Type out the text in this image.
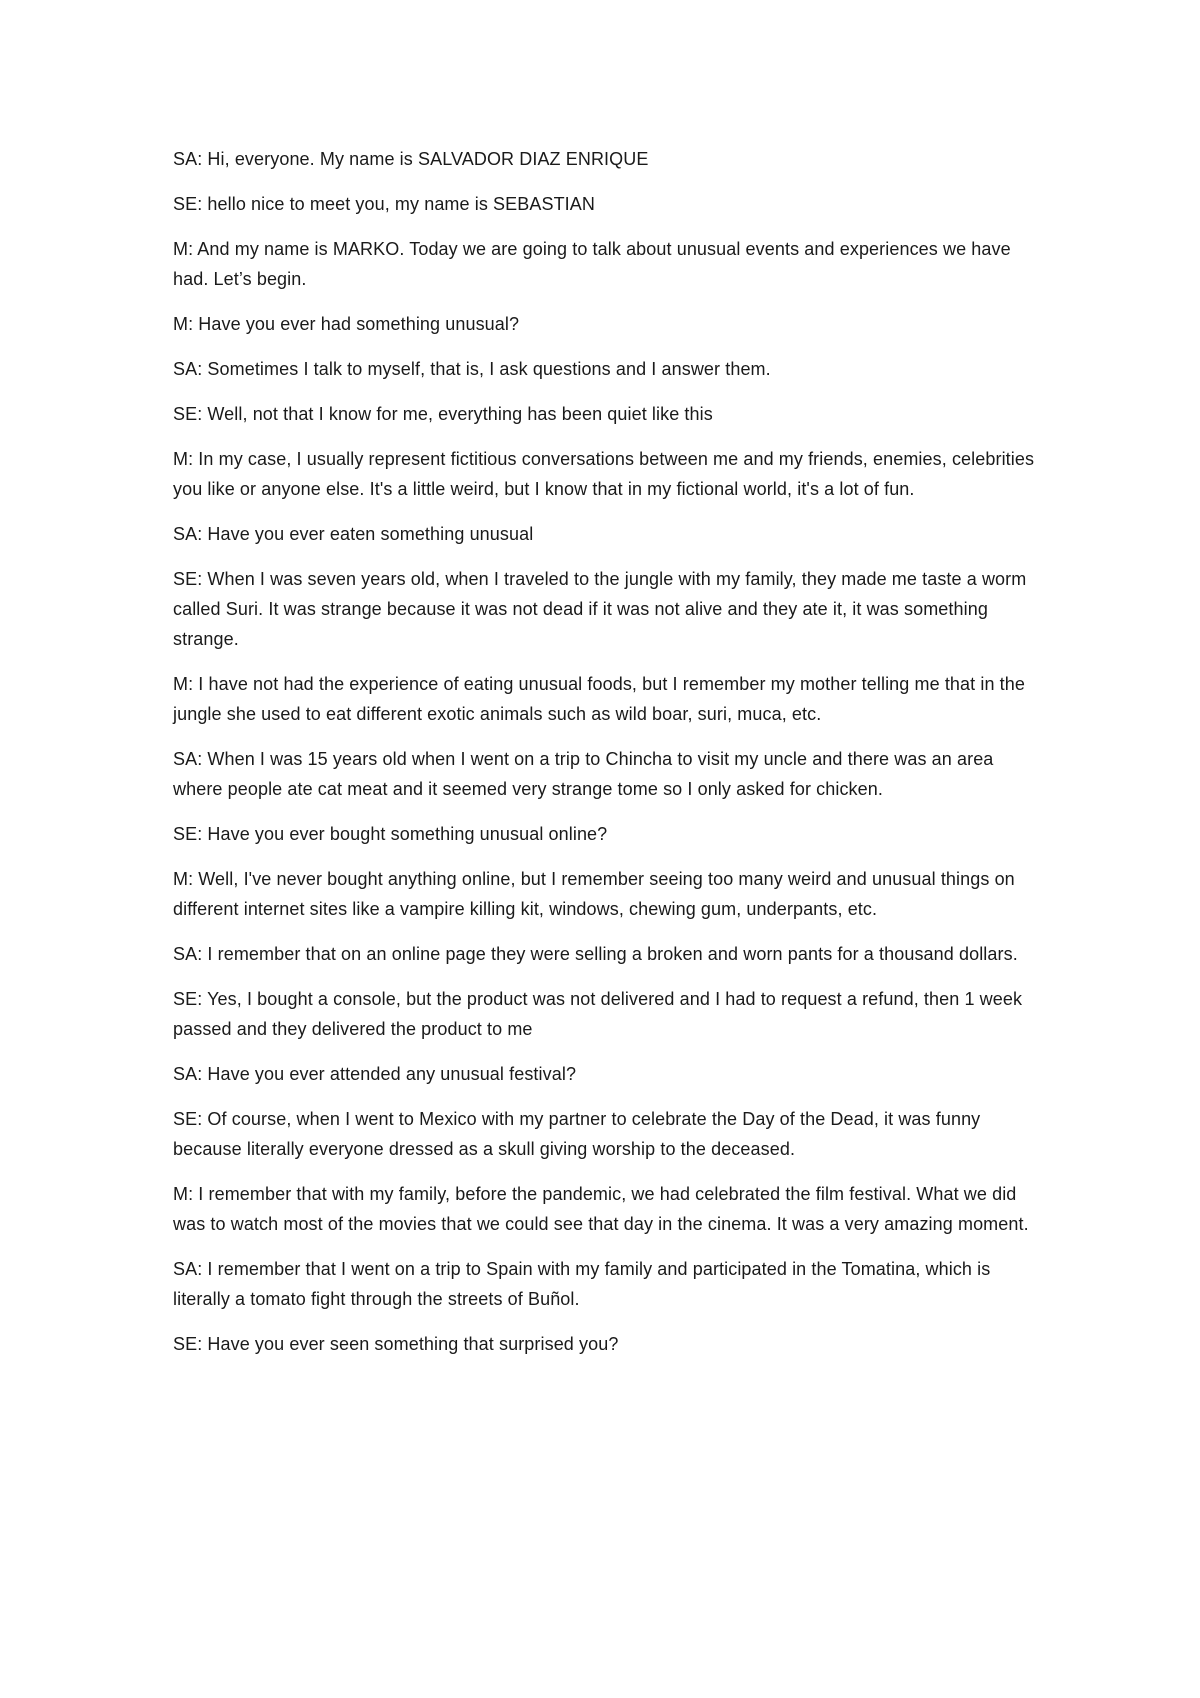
SA: Hi, everyone. My name is SALVADOR DIAZ ENRIQUE

SE: hello nice to meet you, my name is SEBASTIAN

M: And my name is MARKO. Today we are going to talk about unusual events and experiences we have had. Let’s begin.

M: Have you ever had something unusual?

SA: Sometimes I talk to myself, that is, I ask questions and I answer them.

SE: Well, not that I know for me, everything has been quiet like this

M: In my case, I usually represent fictitious conversations between me and my friends, enemies, celebrities you like or anyone else. It's a little weird, but I know that in my fictional world, it's a lot of fun.

SA: Have you ever eaten something unusual

SE: When I was seven years old, when I traveled to the jungle with my family, they made me taste a worm called Suri. It was strange because it was not dead if it was not alive and they ate it, it was something strange.

M: I have not had the experience of eating unusual foods, but I remember my mother telling me that in the jungle she used to eat different exotic animals such as wild boar, suri, muca, etc.

SA: When I was 15 years old when I went on a trip to Chincha to visit my uncle and there was an area where people ate cat meat and it seemed very strange tome so I only asked for chicken.

SE: Have you ever bought something unusual online?

M: Well, I've never bought anything online, but I remember seeing too many weird and unusual things on different internet sites like a vampire killing kit, windows, chewing gum, underpants, etc.

SA: I remember that on an online page they were selling a broken and worn pants for a thousand dollars.

SE: Yes, I bought a console, but the product was not delivered and I had to request a refund, then 1 week passed and they delivered the product to me

SA: Have you ever attended any unusual festival?

SE: Of course, when I went to Mexico with my partner to celebrate the Day of the Dead, it was funny because literally everyone dressed as a skull giving worship to the deceased.

M: I remember that with my family, before the pandemic, we had celebrated the film festival. What we did was to watch most of the movies that we could see that day in the cinema. It was a very amazing moment.

SA: I remember that I went on a trip to Spain with my family and participated in the Tomatina, which is literally a tomato fight through the streets of Buñol.

SE: Have you ever seen something that surprised you?
